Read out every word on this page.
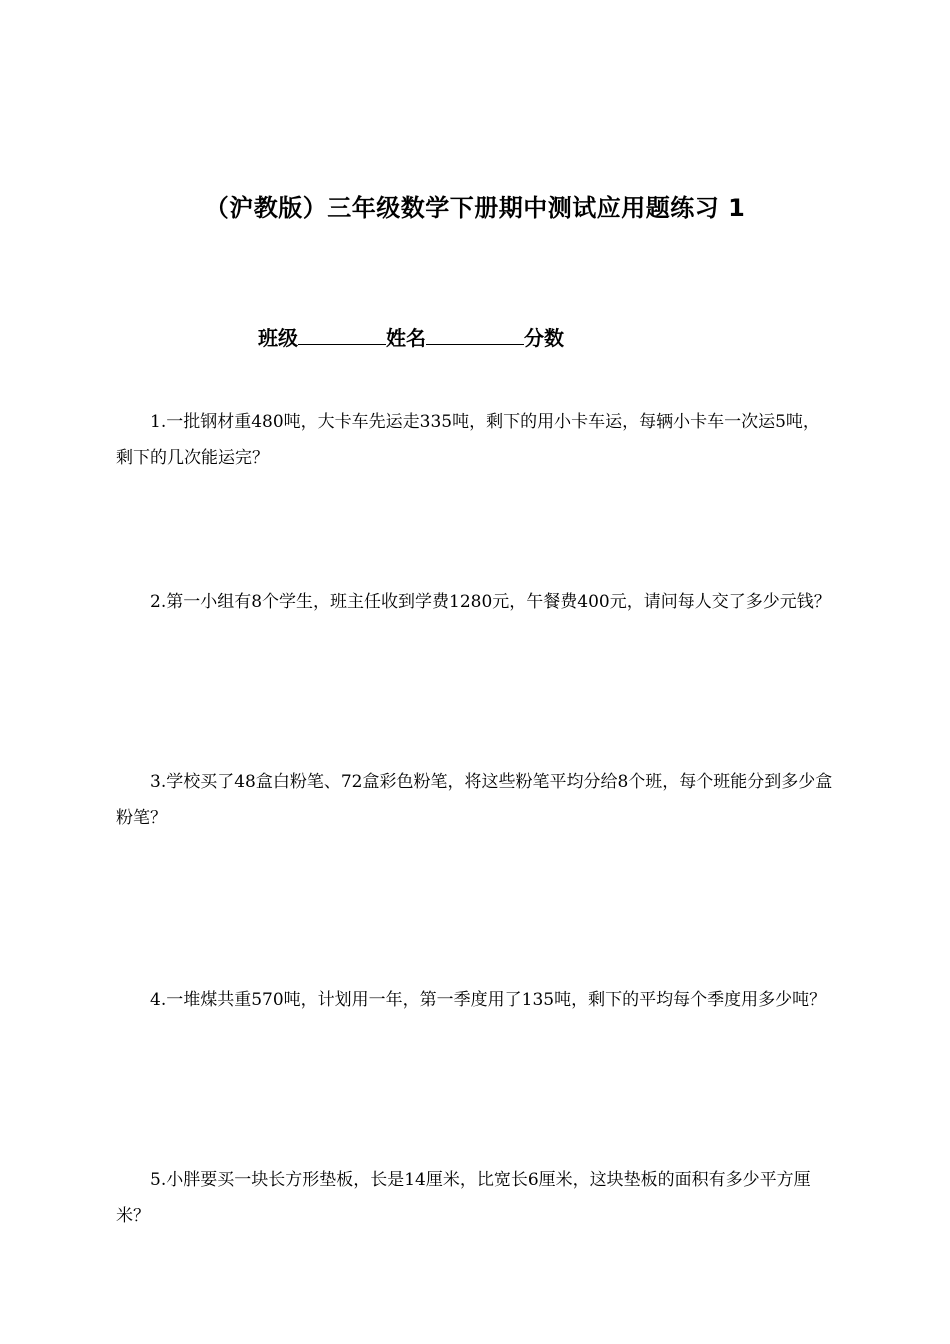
（沪教版）三年级数学下册期中测试应用题练习 1
班级	姓名	分数
1.一批钢材重480吨，大卡车先运走335吨，剩下的用小卡车运，每辆小卡车一次运5吨，剩下的几次能运完？
2.第一小组有8个学生，班主任收到学费1280元，午餐费400元，请问每人交了多少元钱？
3.学校买了48盒白粉笔、72盒彩色粉笔，将这些粉笔平均分给8个班，每个班能分到多少盒粉笔？
4.一堆煤共重570吨，计划用一年，第一季度用了135吨，剩下的平均每个季度用多少吨？
5.小胖要买一块长方形垫板，长是14厘米，比宽长6厘米，这块垫板的面积有多少平方厘米？
